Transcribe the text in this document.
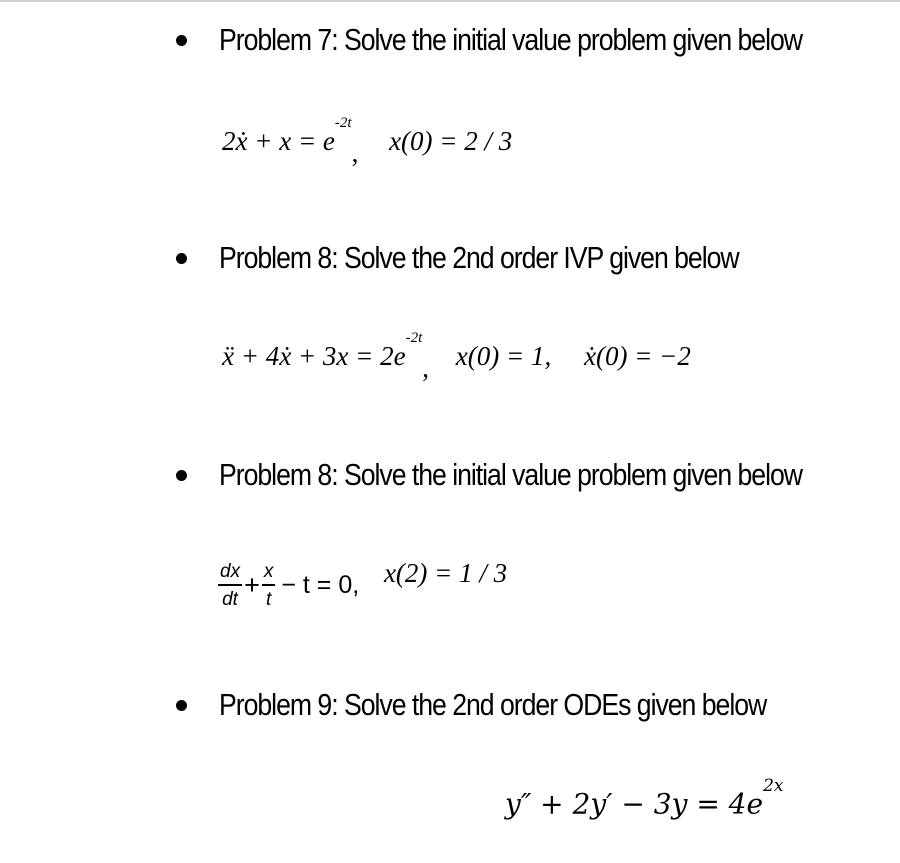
Problem 7: Solve the initial value problem given below
2ẋ + $x = e^{-2t}$, x(0) = 2 / 3
Problem 8: Solve the 2nd order IVP given below
ẍ + 4ẋ + $3x = 2e^{-2t}$, x(0) = 1, ẋ(0) = −2
Problem 8: Solve the initial value problem given below
$\frac{dx}{dt} + \frac{x}{t} - t = 0$, x(2) = 1 / 3
Problem 9: Solve the 2nd order ODEs given below
$y'' + 2y' - 3y = 4e^{2x}$
